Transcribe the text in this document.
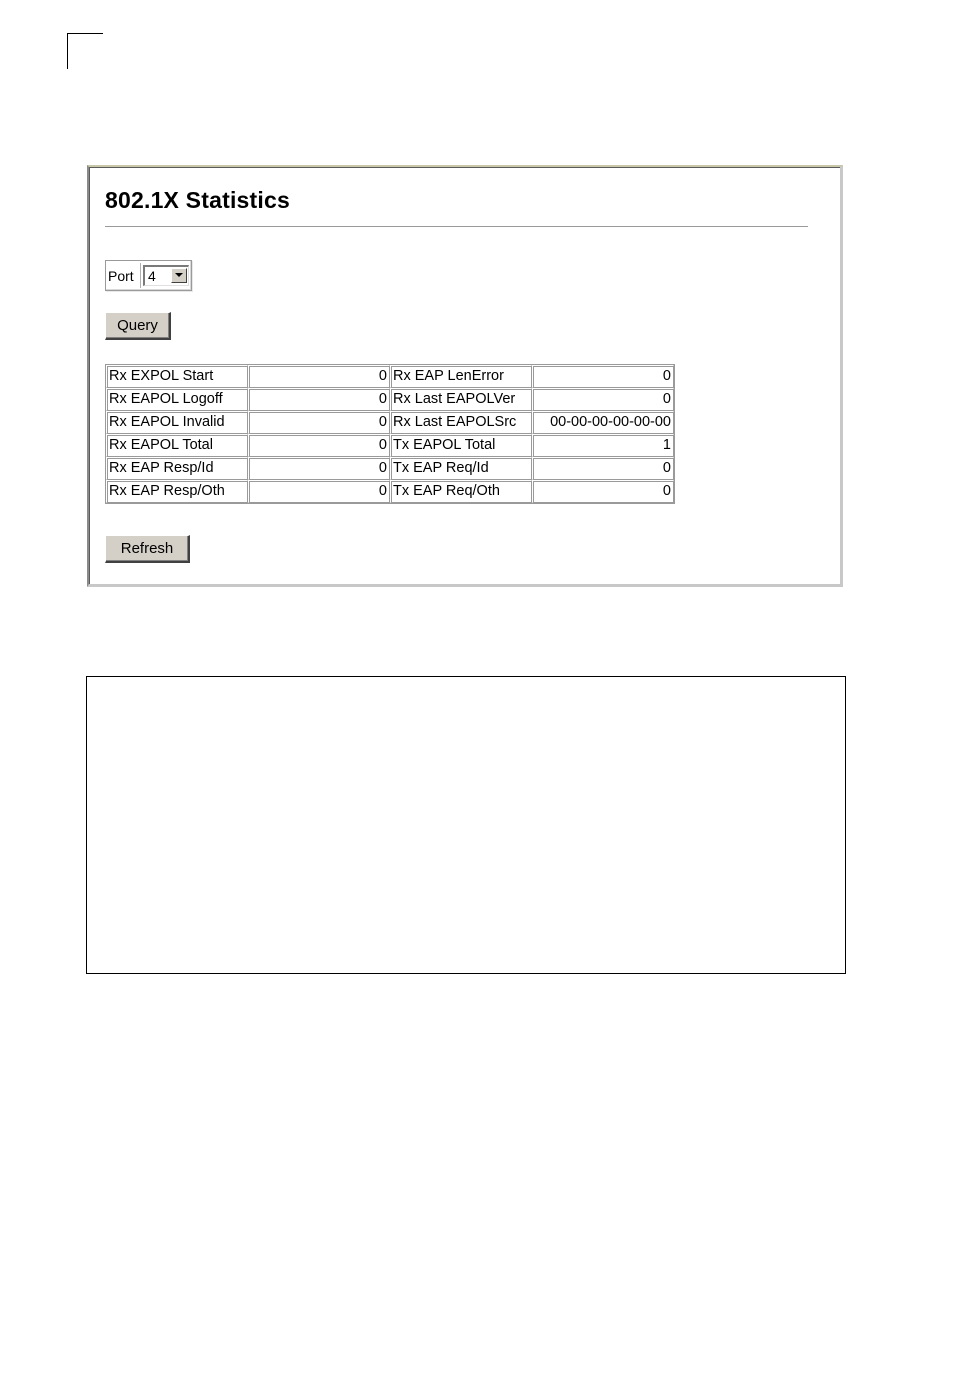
802.1X Statistics
Port 4
Query
Rx EXPOL Start	0	Rx EAP LenError	0
Rx EAPOL Logoff	0	Rx Last EAPOLVer	0
Rx EAPOL Invalid	0	Rx Last EAPOLSrc	00-00-00-00-00-00
Rx EAPOL Total	0	Tx EAPOL Total	1
Rx EAP Resp/Id	0	Tx EAP Req/Id	0
Rx EAP Resp/Oth	0	Tx EAP Req/Oth	0
Refresh
